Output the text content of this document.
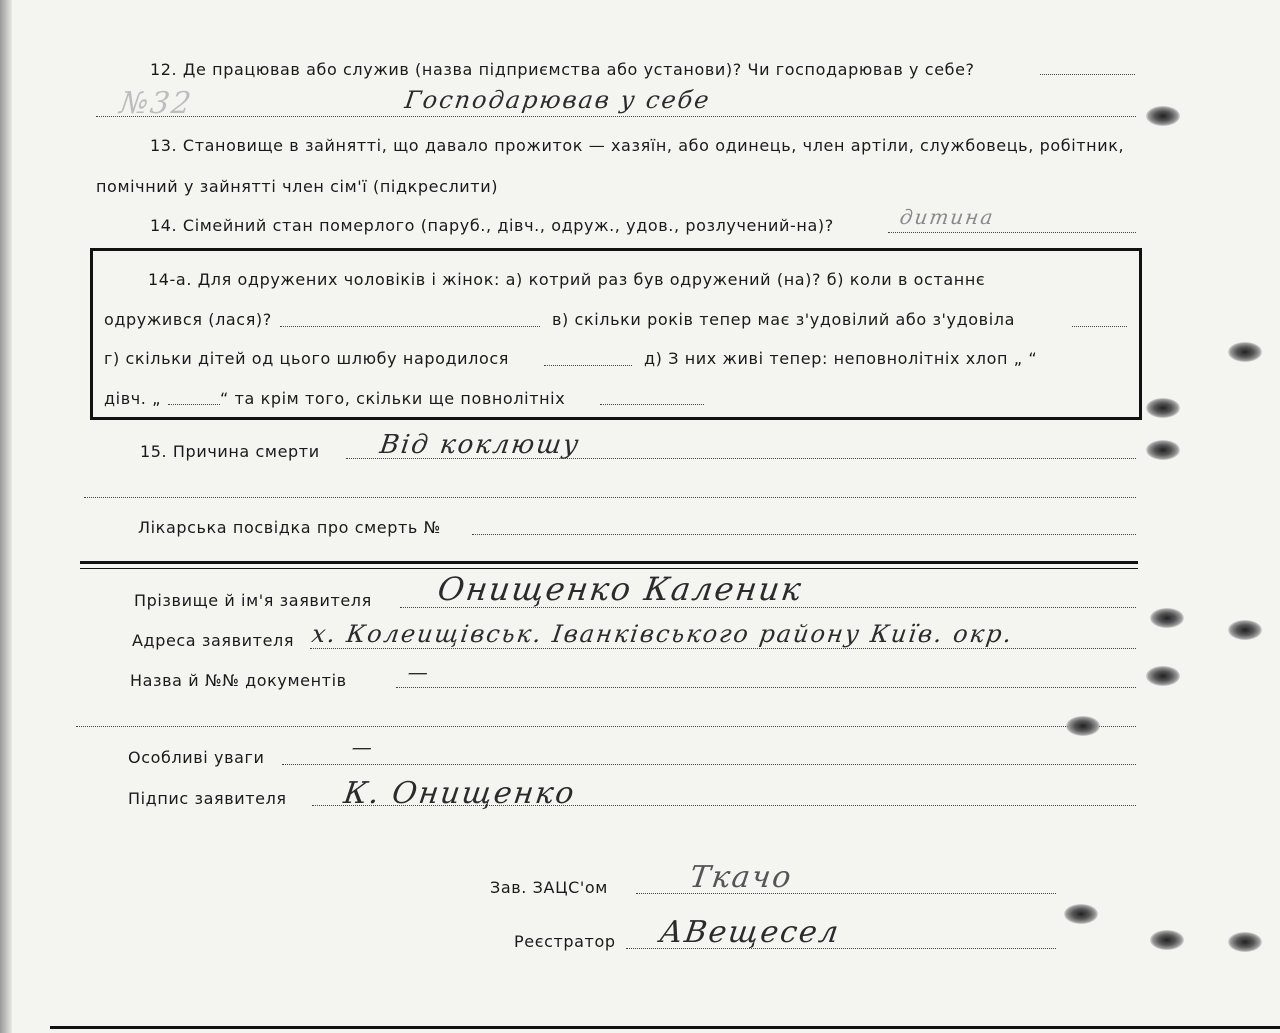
12. Де працював або служив (назва підприємства або установи)? Чи господарював у себе?
№32	Господарював у себе
13. Становище в зайнятті, що давало прожиток — хазяїн, або одинець, член артіли, службовець, робітник,
помічний у зайнятті член сім'ї (підкреслити)
14. Сімейний стан померлого (паруб., дівч., одруж., удов., розлучений-на)?	дитина
14-а. Для одружених чоловіків і жінок: а) котрий раз був одружений (на)? б) коли в останнє
одружився (лася)?	в) скільки років тепер має з'удовілий або з'удовіла
г) скільки дітей од цього шлюбу народилося	д) З них живі тепер: неповнолітніх хлоп „ “
дівч. „	“ та крім того, скільки ще повнолітніх
15. Причина смерти Від коклюшу
Лікарська посвідка про смерть №
Прізвище й ім'я заявителя Онищенко Каленик
Адреса заявителя х. Колеищівськ. Іванківського району Київ. окр.
Назва й №№ документів	—
Особливі уваги	—
Підпис заявителя К. Онищенко
Зав. ЗАЦС'ом	Ткачо
Реєстратор АВещесел
